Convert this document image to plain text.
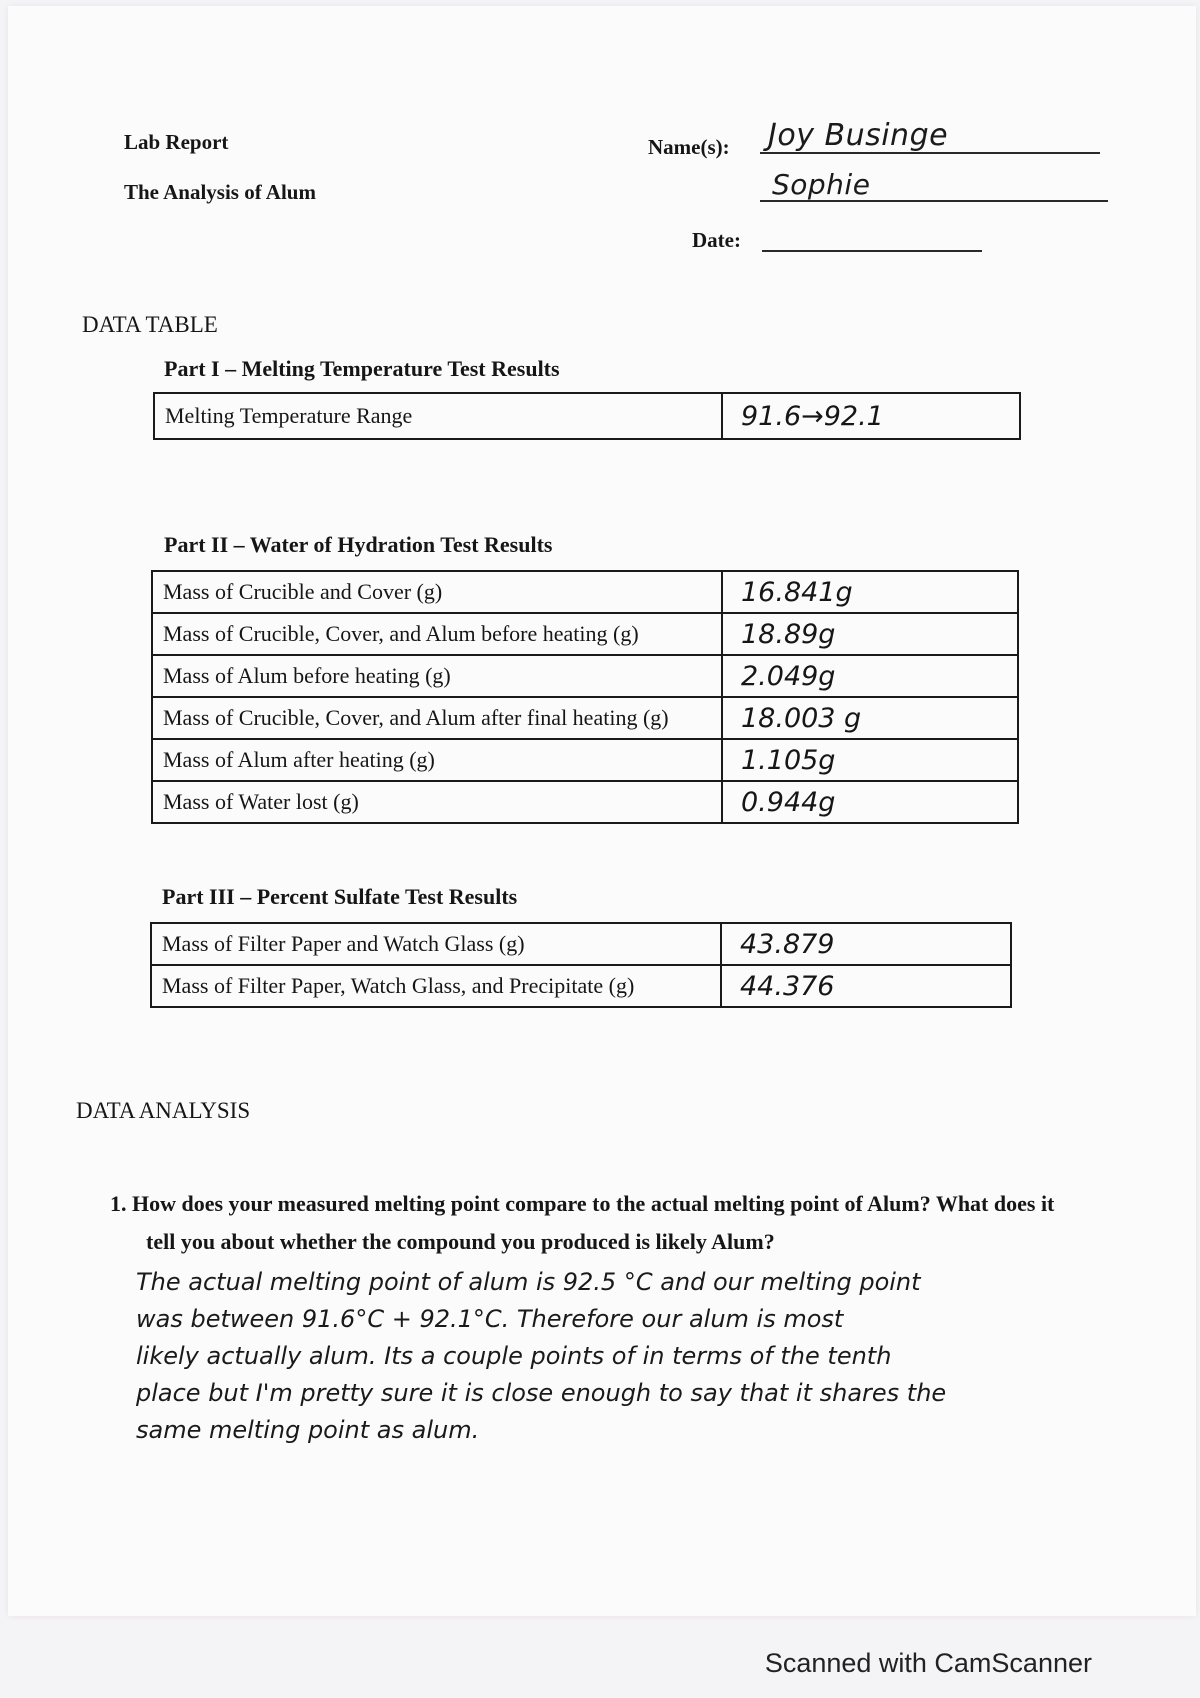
Lab Report
The Analysis of Alum
Name(s): Joy Businge
Sophie
Date:
DATA TABLE
Part I – Melting Temperature Test Results
Melting Temperature Range	91.6→92.1
Part II – Water of Hydration Test Results
Mass of Crucible and Cover (g)	16.841g
Mass of Crucible, Cover, and Alum before heating (g)	18.89g
Mass of Alum before heating (g)	2.049g
Mass of Crucible, Cover, and Alum after final heating (g)	18.003 g
Mass of Alum after heating (g)	1.105g
Mass of Water lost (g)	0.944g
Part III – Percent Sulfate Test Results
Mass of Filter Paper and Watch Glass (g)	43.879
Mass of Filter Paper, Watch Glass, and Precipitate (g)	44.376
DATA ANALYSIS
1. How does your measured melting point compare to the actual melting point of Alum? What does it
tell you about whether the compound you produced is likely Alum?
The actual melting point of alum is 92.5 °C and our melting point
was between 91.6°C + 92.1°C. Therefore our alum is most
likely actually alum. Its a couple points of in terms of the tenth
place but I'm pretty sure it is close enough to say that it shares the
same melting point as alum.
Scanned with CamScanner
